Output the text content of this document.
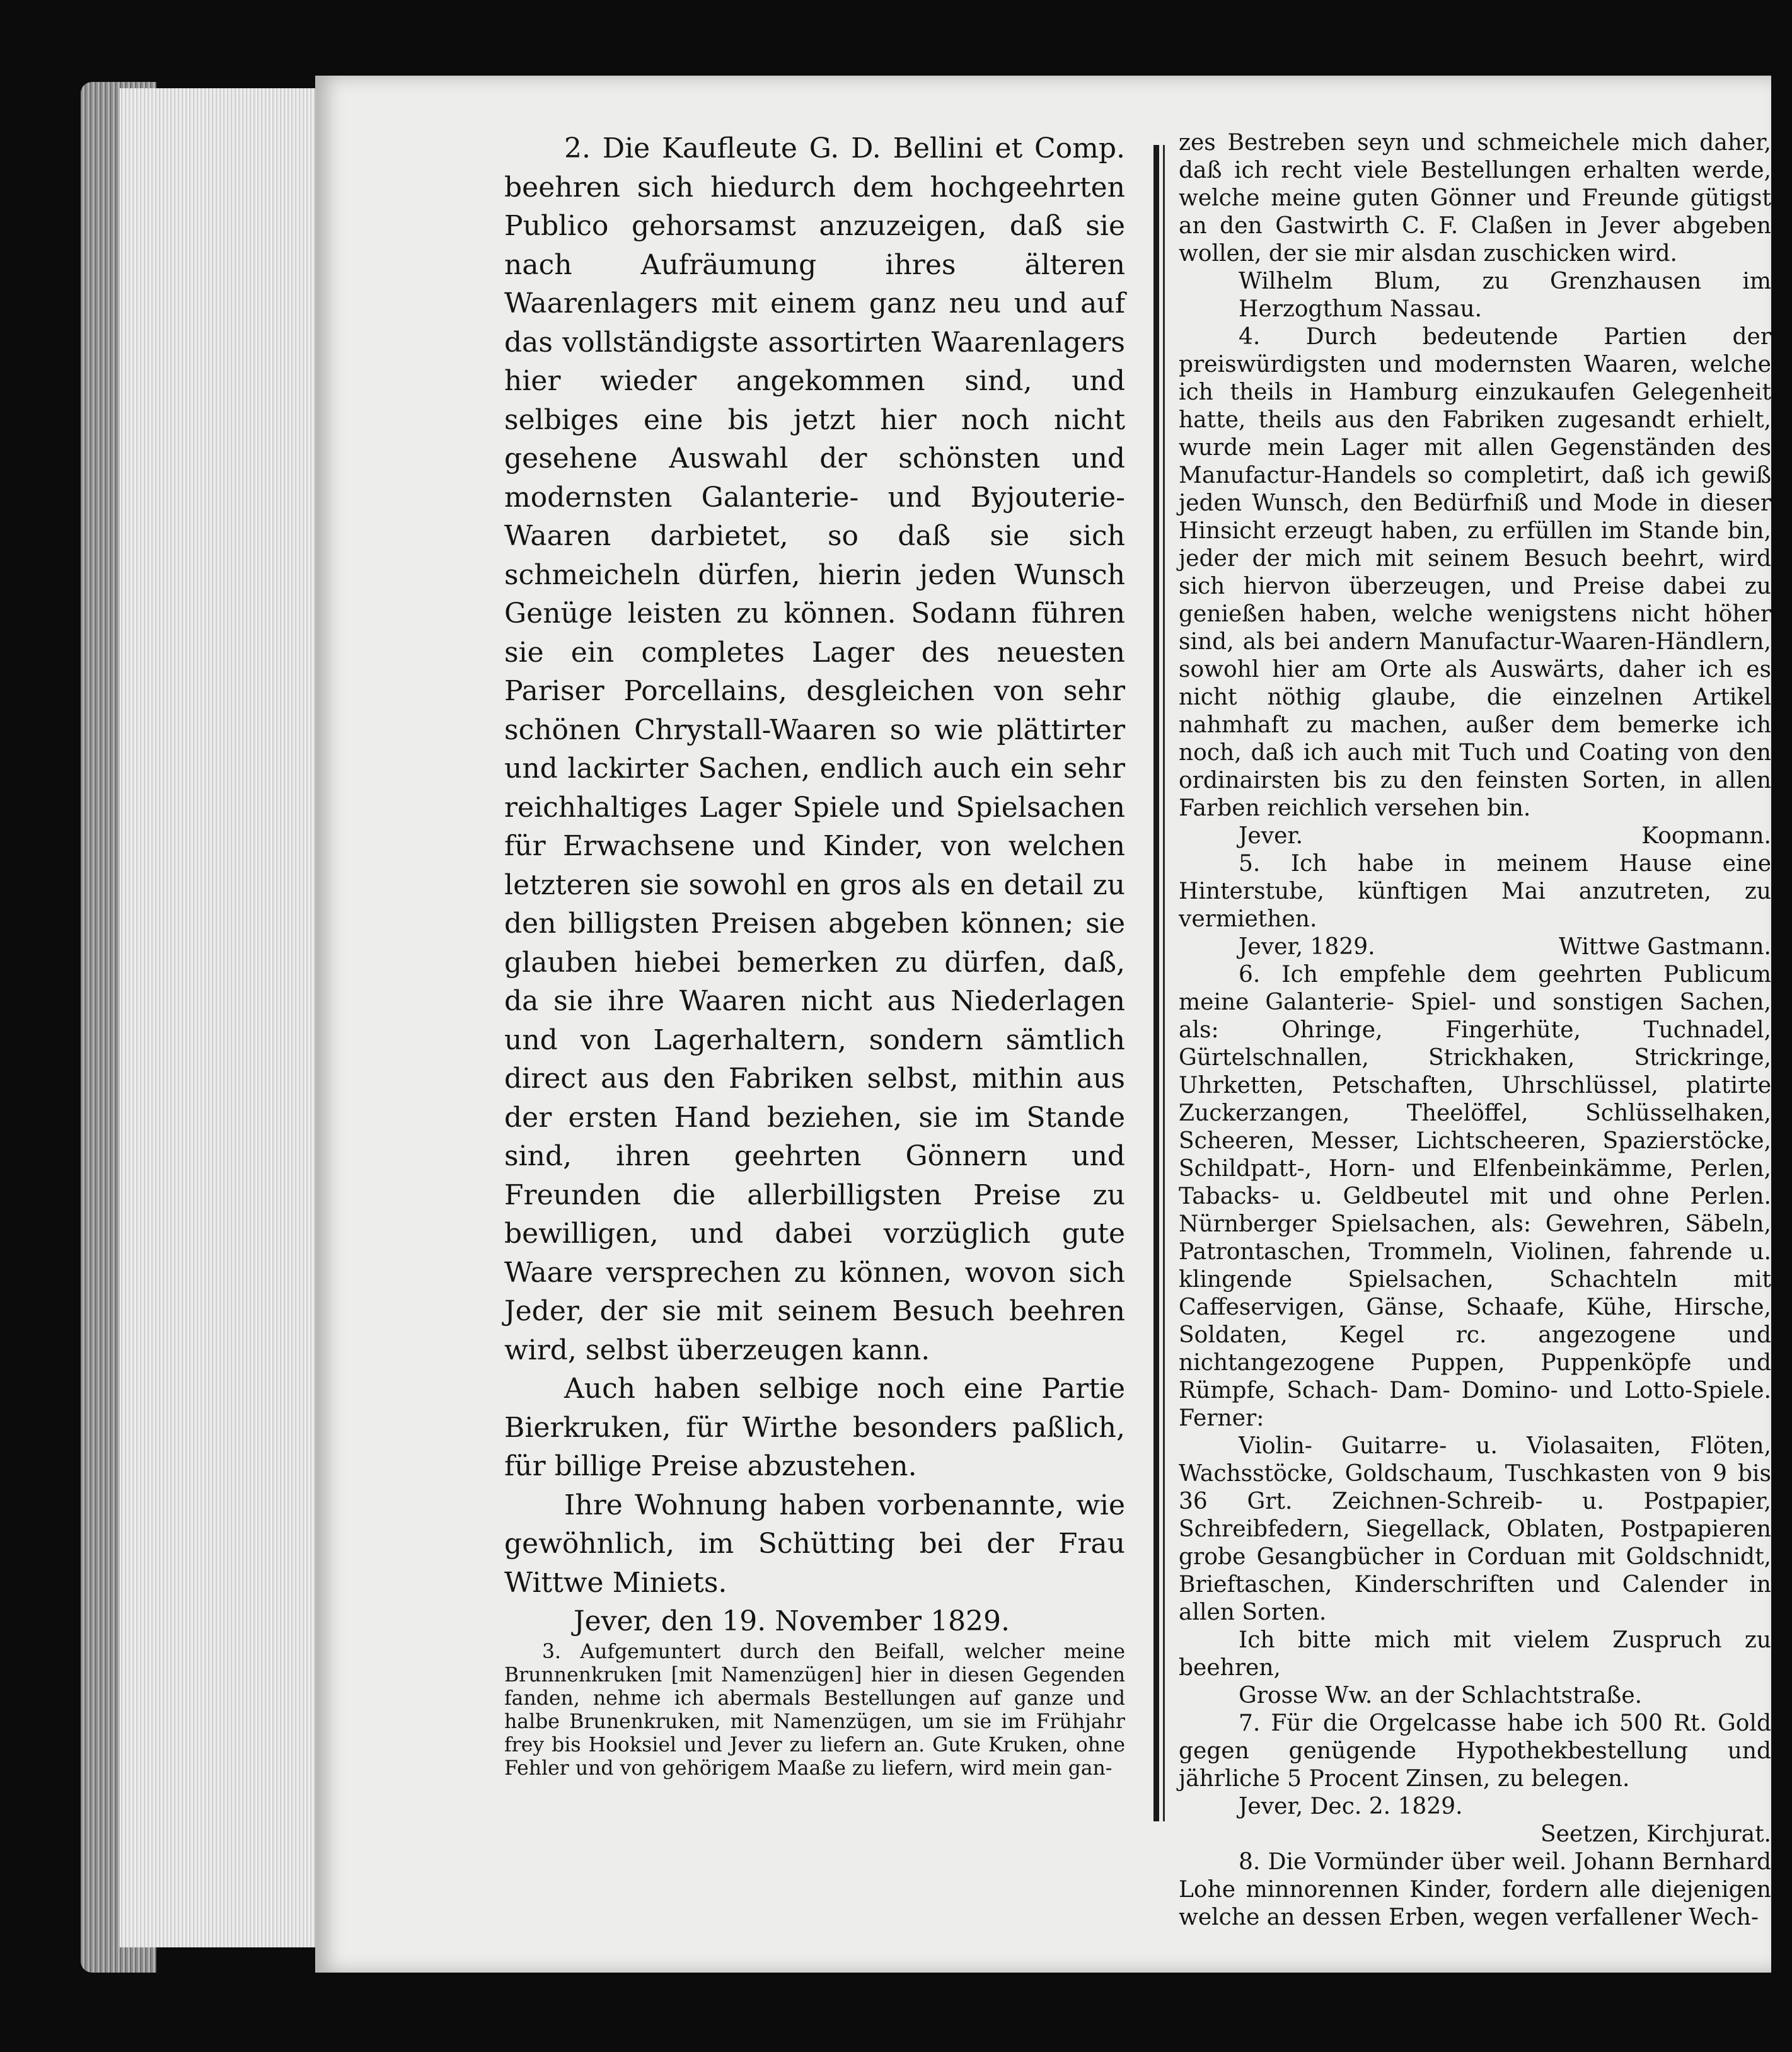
2. Die Kaufleute G. D. Bellini et Comp. beehren sich hiedurch dem hochgeehrten Publico gehorsamst anzuzeigen, daß sie nach Aufräumung ihres älteren Waarenlagers mit einem ganz neu und auf das vollständigste assortirten Waarenlagers hier wieder angekommen sind, und selbiges eine bis jetzt hier noch nicht gesehene Auswahl der schönsten und modernsten Galanterie- und Byjouterie-Waaren darbietet, so daß sie sich schmeicheln dürfen, hierin jeden Wunsch Genüge leisten zu können. Sodann führen sie ein completes Lager des neuesten Pariser Porcellains, desgleichen von sehr schönen Chrystall-Waaren so wie plättirter und lackirter Sachen, endlich auch ein sehr reichhaltiges Lager Spiele und Spielsachen für Erwachsene und Kinder, von welchen letzteren sie sowohl en gros als en detail zu den billigsten Preisen abgeben können; sie glauben hiebei bemerken zu dürfen, daß, da sie ihre Waaren nicht aus Niederlagen und von Lagerhaltern, sondern sämtlich direct aus den Fabriken selbst, mithin aus der ersten Hand beziehen, sie im Stande sind, ihren geehrten Gönnern und Freunden die allerbilligsten Preise zu bewilligen, und dabei vorzüglich gute Waare versprechen zu können, wovon sich Jeder, der sie mit seinem Besuch beehren wird, selbst überzeugen kann.

Auch haben selbige noch eine Partie Bierkruken, für Wirthe besonders paßlich, für billige Preise abzustehen.

Ihre Wohnung haben vorbenannte, wie gewöhnlich, im Schütting bei der Frau Wittwe Miniets.

Jever, den 19. November 1829.

3. Aufgemuntert durch den Beifall, welcher meine Brunnenkruken [mit Namenzügen] hier in diesen Gegenden fanden, nehme ich abermals Bestellungen auf ganze und halbe Brunenkruken, mit Namenzügen, um sie im Frühjahr frey bis Hooksiel und Jever zu liefern an. Gute Kruken, ohne Fehler und von gehörigem Maaße zu liefern, wird mein gan-

zes Bestreben seyn und schmeichele mich daher, daß ich recht viele Bestellungen erhalten werde, welche meine guten Gönner und Freunde gütigst an den Gastwirth C. F. Claßen in Jever abgeben wollen, der sie mir alsdan zuschicken wird.

Wilhelm Blum, zu Grenzhausen im Herzogthum Nassau.

4. Durch bedeutende Partien der preiswürdigsten und modernsten Waaren, welche ich theils in Hamburg einzukaufen Gelegenheit hatte, theils aus den Fabriken zugesandt erhielt, wurde mein Lager mit allen Gegenständen des Manufactur-Handels so completirt, daß ich gewiß jeden Wunsch, den Bedürfniß und Mode in dieser Hinsicht erzeugt haben, zu erfüllen im Stande bin, jeder der mich mit seinem Besuch beehrt, wird sich hiervon überzeugen, und Preise dabei zu genießen haben, welche wenigstens nicht höher sind, als bei andern Manufactur-Waaren-Händlern, sowohl hier am Orte als Auswärts, daher ich es nicht nöthig glaube, die einzelnen Artikel nahmhaft zu machen, außer dem bemerke ich noch, daß ich auch mit Tuch und Coating von den ordinairsten bis zu den feinsten Sorten, in allen Farben reichlich versehen bin.

Jever.	Koopmann.

5. Ich habe in meinem Hause eine Hinterstube, künftigen Mai anzutreten, zu vermiethen.

Jever, 1829.	Wittwe Gastmann.

6. Ich empfehle dem geehrten Publicum meine Galanterie- Spiel- und sonstigen Sachen, als: Ohringe, Fingerhüte, Tuchnadel, Gürtelschnallen, Strickhaken, Strickringe, Uhrketten, Petschaften, Uhrschlüssel, platirte Zuckerzangen, Theelöffel, Schlüsselhaken, Scheeren, Messer, Lichtscheeren, Spazierstöcke, Schildpatt-, Horn- und Elfenbeinkämme, Perlen, Tabacks- u. Geldbeutel mit und ohne Perlen. Nürnberger Spielsachen, als: Gewehren, Säbeln, Patrontaschen, Trommeln, Violinen, fahrende u. klingende Spielsachen, Schachteln mit Caffeservigen, Gänse, Schaafe, Kühe, Hirsche, Soldaten, Kegel rc. angezogene und nichtangezogene Puppen, Puppenköpfe und Rümpfe, Schach- Dam- Domino- und Lotto-Spiele. Ferner:

Violin- Guitarre- u. Violasaiten, Flöten, Wachsstöcke, Goldschaum, Tuschkasten von 9 bis 36 Grt. Zeichnen-Schreib- u. Postpapier, Schreibfedern, Siegellack, Oblaten, Postpapieren grobe Gesangbücher in Corduan mit Goldschnidt, Brieftaschen, Kinderschriften und Calender in allen Sorten.

Ich bitte mich mit vielem Zuspruch zu beehren,

Grosse Ww. an der Schlachtstraße.

7. Für die Orgelcasse habe ich 500 Rt. Gold gegen genügende Hypothekbestellung und jährliche 5 Procent Zinsen, zu belegen.

Jever, Dec. 2. 1829.

Seetzen, Kirchjurat.

8. Die Vormünder über weil. Johann Bernhard Lohe minnorennen Kinder, fordern alle diejenigen welche an dessen Erben, wegen verfallener Wech-
